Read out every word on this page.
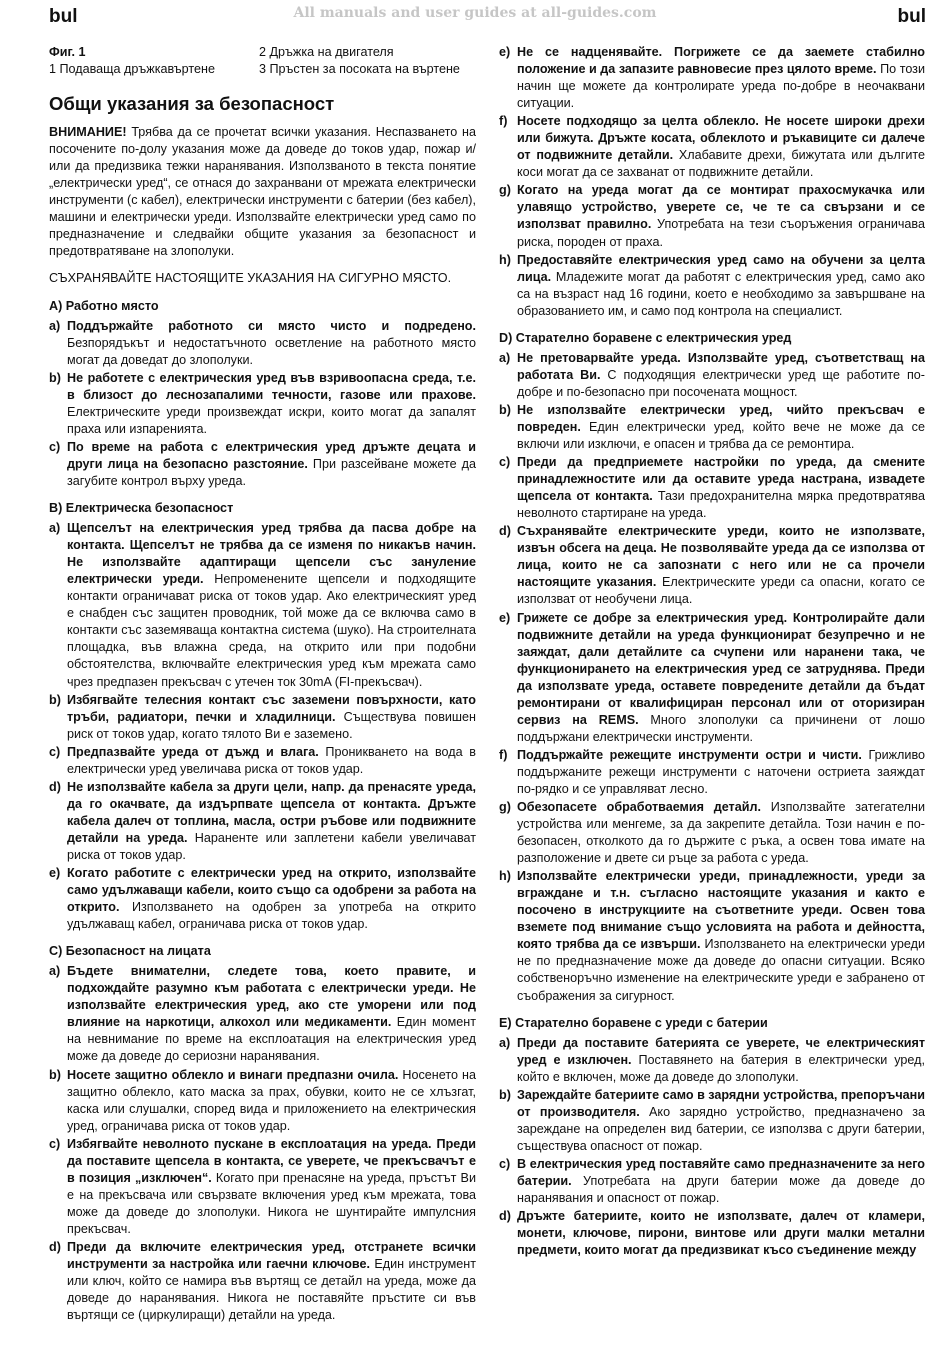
bul	All manuals and user guides at all-guides.com	bul
Фиг. 1
1 Подаваща дръжкавъртене
2 Дръжка на двигателя
3 Пръстен за посоката на въртене
Общи указания за безопасност

ВНИМАНИЕ! Трябва да се прочетат всички указания. Неспазването на посочените по-долу указания може да доведе до токов удар, пожар и/или да предизвика тежки наранявания. Използваното в текста понятие „електрически уред“, се отнася до захранвани от мрежата електрически инструменти (с кабел), електрически инструменти с батерии (без кабел), машини и електрически уреди. Използвайте електрически уред само по предназначение и следвайки общите указания за безопасност и предотвратяване на злополуки.

СЪХРАНЯВАЙТЕ НАСТОЯЩИТЕ УКАЗАНИЯ НА СИГУРНО МЯСТО.

A) Работно място
a) Поддържайте работното си място чисто и подредено. Безпорядъкът и недостатъчното осветление на работното място могат да доведат до злополуки.
b) Не работете с електрическия уред във взривоопасна среда, т.е. в близост до леснозапалими течности, газове или прахове. Електрическите уреди произвеждат искри, които могат да запалят праха или изпаренията.
c) По време на работа с електрическия уред дръжте децата и други лица на безопасно разстояние. При разсейване можете да загубите контрол върху уреда.
B) Електрическа безопасност
a) Щепселът на електрическия уред трябва да пасва добре на контакта. Щепселът не трябва да се изменя по никакъв начин. Не използвайте адаптиращи щепсели със зануление електрически уреди. Непроменените щепсели и подходящите контакти ограничават риска от токов удар. Ако електрическият уред е снабден със защитен проводник, той може да се включва само в контакти със заземяваща контактна система (шуко). На строителната площадка, във влажна среда, на открито или при подобни обстоятелства, включвайте електрическия уред към мрежата само чрез предпазен прекъсвач с утечен ток 30mA (FI-прекъсвач).
b) Избягвайте телесния контакт със заземени повърхности, като тръби, радиатори, печки и хладилници. Съществува повишен риск от токов удар, когато тялото Ви е заземено.
c) Предпазвайте уреда от дъжд и влага. Проникването на вода в електрически уред увеличава риска от токов удар.
d) Не използвайте кабела за други цели, напр. да пренасяте уреда, да го окачвате, да издърпвате щепсела от контакта. Дръжте кабела далеч от топлина, масла, остри ръбове или подвижните детайли на уреда. Нараненте или заплетени кабели увеличават риска от токов удар.
e) Когато работите с електрически уред на открито, използвайте само удължаващи кабели, които също са одобрени за работа на открито. Използването на одобрен за употреба на открито удължаващ кабел, ограничава риска от токов удар.
C) Безопасност на лицата
a) Бъдете внимателни, следете това, което правите, и подхождайте разумно към работата с електрически уреди. Не използвайте електрическия уред, ако сте уморени или под влияние на наркотици, алкохол или медикаменти. Един момент на невнимание по време на експлоатация на електрическия уред може да доведе до сериозни наранявания.
b) Носете защитно облекло и винаги предпазни очила. Носенето на защитно облекло, като маска за прах, обувки, които не се хлъзгат, каска или слушалки, според вида и приложението на електрическия уред, ограничава риска от токов удар.
c) Избягвайте неволното пускане в експлоатация на уреда. Преди да поставите щепсела в контакта, се уверете, че прекъсвачът е в позиция „изключен“. Когато при пренасяне на уреда, пръстът Ви е на прекъсвача или свързвате включения уред към мрежата, това може да доведе до злополуки. Никога не шунтирайте импулсния прекъсвач.
d) Преди да включите електрическия уред, отстранете всички инструменти за настройка или гаечни ключове. Един инструмент или ключ, който се намира във въртящ се детайл на уреда, може да доведе до наранявания. Никога не поставяйте пръстите си във въртящи се (циркулиращи) детайли на уреда.
e) Не се надценявайте. Погрижете се да заемете стабилно положение и да запазите равновесие през цялото време. По този начин ще можете да контролирате уреда по-добре в неочаквани ситуации.
f) Носете подходящо за целта облекло. Не носете широки дрехи или бижута. Дръжте косата, облеклото и ръкавиците си далече от подвижните детайли. Хлабавите дрехи, бижутата или дългите коси могат да се захванат от подвижните детайли.
g) Когато на уреда могат да се монтират прахосмукачка или улавящо устройство, уверете се, че те са свързани и се използват правилно. Употребата на тези съоръжения ограничава риска, породен от праха.
h) Предоставяйте електрическия уред само на обучени за целта лица. Младежите могат да работят с електрическия уред, само ако са на възраст над 16 години, което е необходимо за завършване на образованието им, и само под контрола на специалист.
D) Старателно боравене с електрическия уред
a) Не претоварвайте уреда. Използвайте уред, съответстващ на работата Ви. С подходящия електрически уред ще работите по-добре и по-безопасно при посочената мощност.
b) Не използвайте електрически уред, чийто прекъсвач е повреден. Един електрически уред, който вече не може да се включи или изключи, е опасен и трябва да се ремонтира.
c) Преди да предприемете настройки по уреда, да смените принадлежностите или да оставите уреда настрана, извадете щепсела от контакта. Тази предохранителна мярка предотвратява неволното стартиране на уреда.
d) Съхранявайте електрическите уреди, които не използвате, извън обсега на деца. Не позволявайте уреда да се използва от лица, които не са запознати с него или не са прочели настоящите указания. Електрическите уреди са опасни, когато се използват от необучени лица.
e) Грижете се добре за електрическия уред. Контролирайте дали подвижните детайли на уреда функционират безупречно и не заяждат, дали детайлите са счупени или наранени така, че функционирането на електрическия уред се затруднява. Преди да използвате уреда, оставете повредените детайли да бъдат ремонтирани от квалифициран персонал или от оторизиран сервиз на REMS. Много злополуки са причинени от лошо поддържани електрически инструменти.
f) Поддържайте режещите инструменти остри и чисти. Грижливо поддържаните режещи инструменти с наточени остриета заяждат по-рядко и се управляват лесно.
g) Обезопасете обработваемия детайл. Използвайте затегателни устройства или менгеме, за да закрепите детайла. Този начин е по-безопасен, отколкото да го държите с ръка, а освен това имате на разположение и двете си ръце за работа с уреда.
h) Използвайте електрически уреди, принадлежности, уреди за вграждане и т.н. съгласно настоящите указания и както е посочено в инструкциите на съответните уреди. Освен това вземете под внимание също условията на работа и дейността, която трябва да се извърши. Използването на електрически уреди не по предназначение може да доведе до опасни ситуации. Всяко собственоръчно изменение на електрическите уреди е забранено от съображения за сигурност.
E) Старателно боравене с уреди с батерии
a) Преди да поставите батерията се уверете, че електрическият уред е изключен. Поставянето на батерия в електрически уред, който е включен, може да доведе до злополуки.
b) Зареждайте батериите само в зарядни устройства, препоръчани от производителя. Ако зарядно устройство, предназначено за зареждане на определен вид батерии, се използва с други батерии, съществува опасност от пожар.
c) В електрическия уред поставяйте само предназначените за него батерии. Употребата на други батерии може да доведе до наранявания и опасност от пожар.
d) Дръжте батериите, които не използвате, далеч от кламери, монети, ключове, пирони, винтове или други малки метални предмети, които могат да предизвикат късо съединение между
